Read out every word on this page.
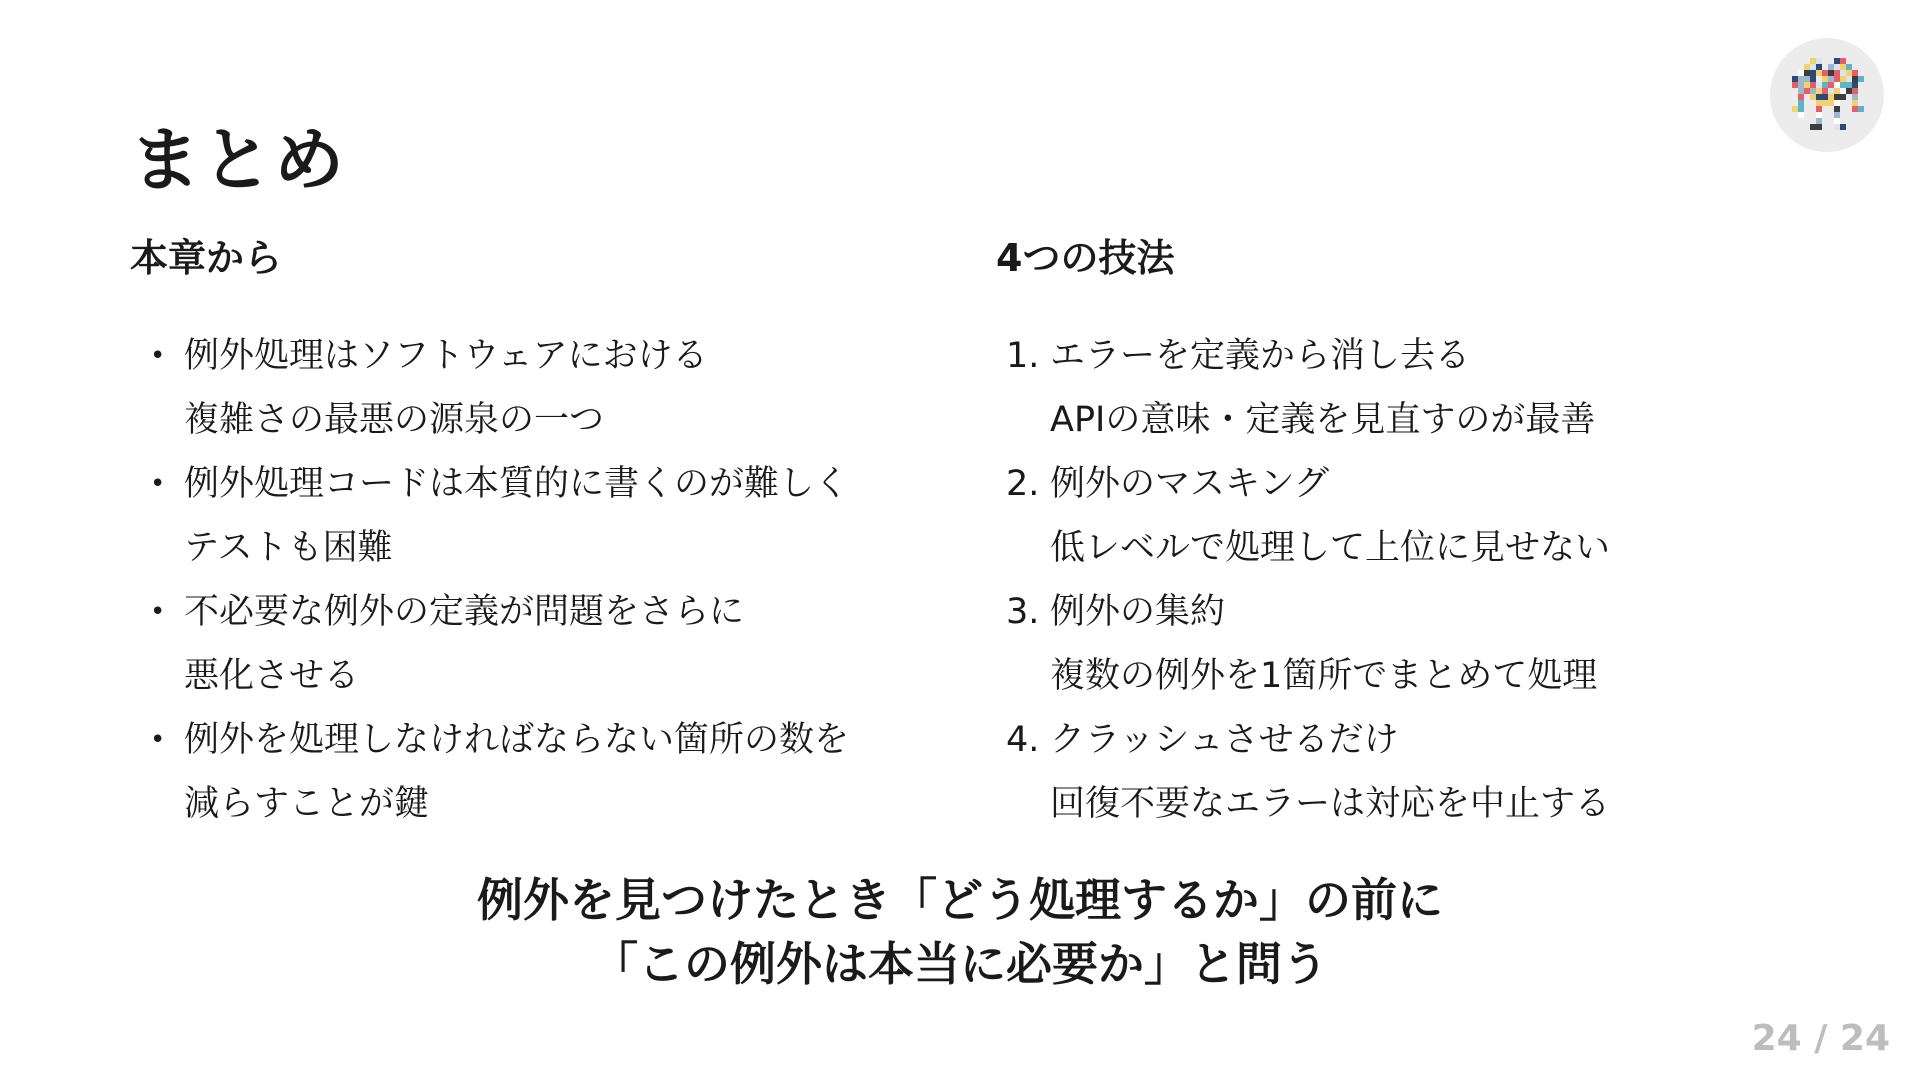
まとめ
本章から
• 例外処理はソフトウェアにおける
複雑さの最悪の源泉の一つ
• 例外処理コードは本質的に書くのが難しく
テストも困難
• 不必要な例外の定義が問題をさらに
悪化させる
• 例外を処理しなければならない箇所の数を
減らすことが鍵
4つの技法
1. エラーを定義から消し去る
APIの意味・定義を見直すのが最善
2. 例外のマスキング
低レベルで処理して上位に見せない
3. 例外の集約
複数の例外を1箇所でまとめて処理
4. クラッシュさせるだけ
回復不要なエラーは対応を中止する
例外を見つけたとき「どう処理するか」の前に
「この例外は本当に必要か」と問う
24 / 24
